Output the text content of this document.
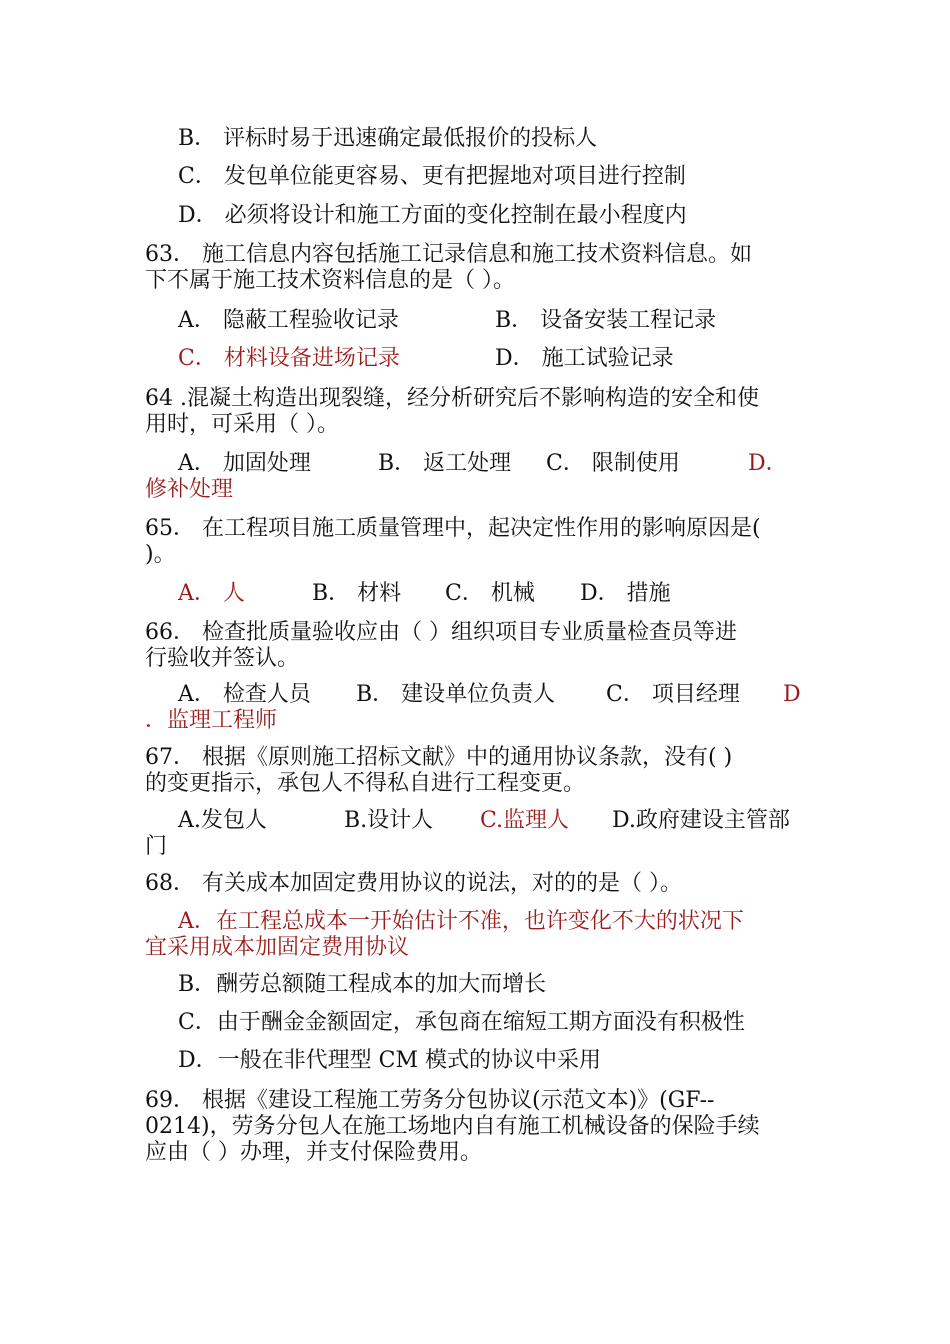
B． 评标时易于迅速确定最低报价的投标人
C． 发包单位能更容易、更有把握地对项目进行控制
D． 必须将设计和施工方面的变化控制在最小程度内
63． 施工信息内容包括施工记录信息和施工技术资料信息。如
下不属于施工技术资料信息的是（ ）。
A． 隐蔽工程验收记录	B． 设备安装工程记录
C． 材料设备进场记录	D． 施工试验记录
64 .混凝土构造出现裂缝，经分析研究后不影响构造的安全和使
用时，可采用（ ）。
A． 加固处理	B． 返工处理 C． 限制使用	D．
修补处理
65． 在工程项目施工质量管理中，起决定性作用的影响原因是(
)。
A． 人	B． 材料 C． 机械 D． 措施
66． 检查批质量验收应由（ ）组织项目专业质量检查员等进
行验收并签认。
A． 检查人员 B． 建设单位负责人 C． 项目经理 D
．监理工程师
67． 根据《原则施工招标文献》中的通用协议条款，没有( )
的变更指示，承包人不得私自进行工程变更。
A.发包人	B.设计人 C.监理人 D.政府建设主管部
门
68． 有关成本加固定费用协议的说法，对的的是（ ）。
A．在工程总成本一开始估计不准，也许变化不大的状况下
宜采用成本加固定费用协议
B．酬劳总额随工程成本的加大而增长
C．由于酬金金额固定，承包商在缩短工期方面没有积极性
D．一般在非代理型 CM 模式的协议中采用
69． 根据《建设工程施工劳务分包协议(示范文本)》(GF--
0214)，劳务分包人在施工场地内自有施工机械设备的保险手续
应由（ ）办理，并支付保险费用。
